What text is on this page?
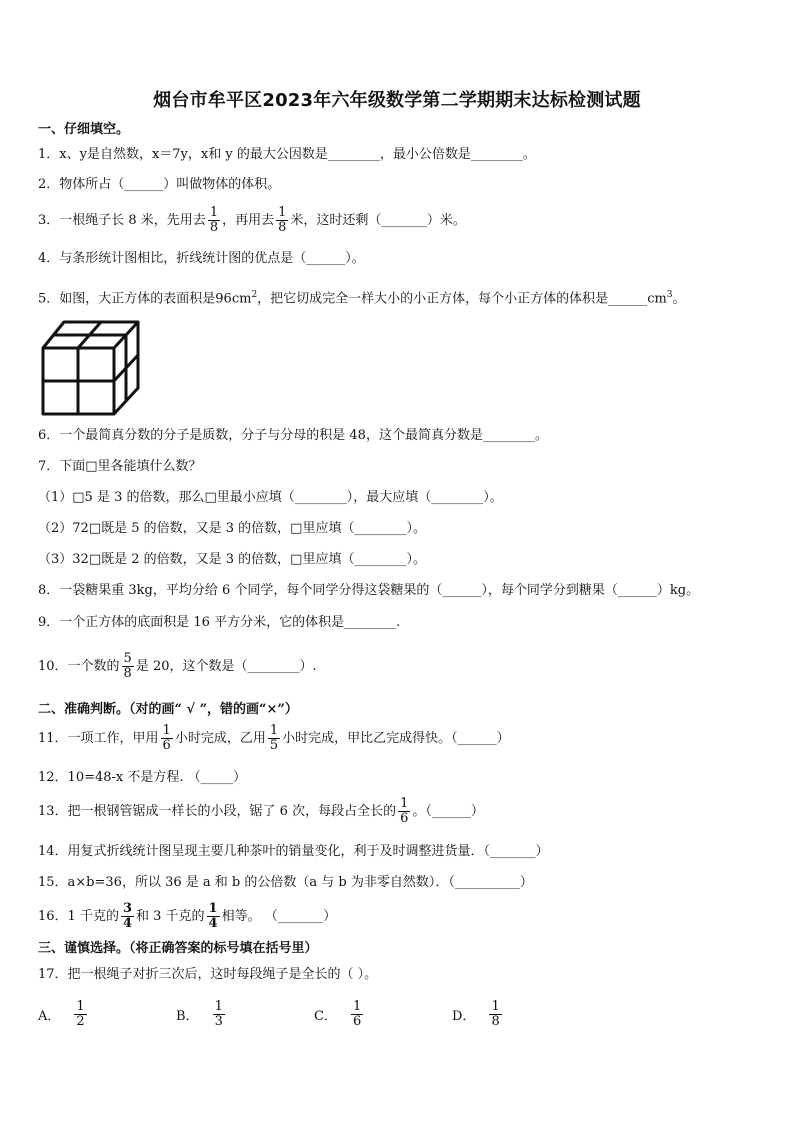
烟台市牟平区2023年六年级数学第二学期期末达标检测试题
一、仔细填空。
1．x、y是自然数，x＝7y，x和 y 的最大公因数是________，最小公倍数是________。
2．物体所占（______）叫做物体的体积。
3．一根绳子长 8 米，先用去 $\frac{1}{8}$ ，再用去 $\frac{1}{8}$ 米，这时还剩（_______）米。
4．与条形统计图相比，折线统计图的优点是（______）。
5．如图，大正方体的表面积是$96cm^2$，把它切成完全一样大小的小正方体，每个小正方体的体积是$\_\_\_\_\_\_cm^3$。
6．一个最简真分数的分子是质数，分子与分母的积是 48，这个最简真分数是________。
7．下面□里各能填什么数？
（1）□5 是 3 的倍数，那么□里最小应填（________），最大应填（________）。
（2）72□既是 5 的倍数，又是 3 的倍数，□里应填（________）。
（3）32□既是 2 的倍数，又是 3 的倍数，□里应填（________）。
8．一袋糖果重 3kg，平均分给 6 个同学，每个同学分得这袋糖果的（______），每个同学分到糖果（______）kg。
9．一个正方体的底面积是 16 平方分米，它的体积是________.
10．一个数的 $\frac{5}{8}$ 是 20，这个数是（________）.
二、准确判断。（对的画“ √ ”，错的画“×”）
11．一项工作，甲用 $\frac{1}{6}$ 小时完成，乙用 $\frac{1}{5}$ 小时完成，甲比乙完成得快。（______）
12．10=48-x 不是方程. （_____）
13．把一根钢管锯成一样长的小段，锯了 6 次，每段占全长的 $\frac{1}{6}$ 。（______）
14．用复式折线统计图呈现主要几种茶叶的销量变化，利于及时调整进货量．（_______）
15．a×b=36，所以 36 是 a 和 b 的公倍数（a 与 b 为非零自然数）．（__________）
16．1 千克的 $\frac{3}{4}$ 和 3 千克的 $\frac{1}{4}$ 相等。 （_______）
三、谨慎选择。（将正确答案的标号填在括号里）
17．把一根绳子对折三次后，这时每段绳子是全长的（ ）。
A． $\frac{1}{2}$	B． $\frac{1}{3}$	C． $\frac{1}{6}$	D． $\frac{1}{8}$
